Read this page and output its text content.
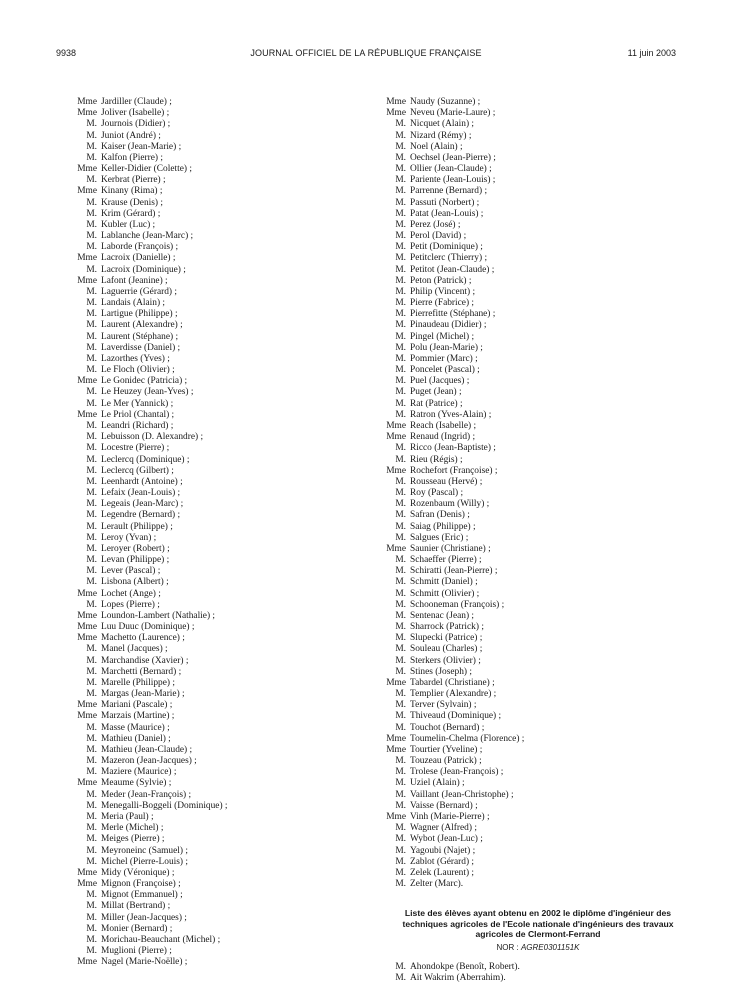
9938	JOURNAL OFFICIEL DE LA RÉPUBLIQUE FRANÇAISE	11 juin 2003
Mme Jardiller (Claude) ;
Mme Joliver (Isabelle) ;
M. Journois (Didier) ;
M. Juniot (André) ;
M. Kaiser (Jean-Marie) ;
M. Kalfon (Pierre) ;
Mme Keller-Didier (Colette) ;
M. Kerbrat (Pierre) ;
Mme Kinany (Rima) ;
M. Krause (Denis) ;
M. Krim (Gérard) ;
M. Kubler (Luc) ;
M. Lablanche (Jean-Marc) ;
M. Laborde (François) ;
Mme Lacroix (Danielle) ;
M. Lacroix (Dominique) ;
Mme Lafont (Jeanine) ;
M. Laguerrie (Gérard) ;
M. Landais (Alain) ;
M. Lartigue (Philippe) ;
M. Laurent (Alexandre) ;
M. Laurent (Stéphane) ;
M. Laverdisse (Daniel) ;
M. Lazorthes (Yves) ;
M. Le Floch (Olivier) ;
Mme Le Gonidec (Patricia) ;
M. Le Heuzey (Jean-Yves) ;
M. Le Mer (Yannick) ;
Mme Le Priol (Chantal) ;
M. Leandri (Richard) ;
M. Lebuisson (D. Alexandre) ;
M. Locestre (Pierre) ;
M. Leclercq (Dominique) ;
M. Leclercq (Gilbert) ;
M. Leenhardt (Antoine) ;
M. Lefaix (Jean-Louis) ;
M. Legeais (Jean-Marc) ;
M. Legendre (Bernard) ;
M. Lerault (Philippe) ;
M. Leroy (Yvan) ;
M. Leroyer (Robert) ;
M. Levan (Philippe) ;
M. Lever (Pascal) ;
M. Lisbona (Albert) ;
Mme Lochet (Ange) ;
M. Lopes (Pierre) ;
Mme Loundon-Lambert (Nathalie) ;
Mme Luu Duuc (Dominique) ;
Mme Machetto (Laurence) ;
M. Manel (Jacques) ;
M. Marchandise (Xavier) ;
M. Marchetti (Bernard) ;
M. Marelle (Philippe) ;
M. Margas (Jean-Marie) ;
Mme Mariani (Pascale) ;
Mme Marzais (Martine) ;
M. Masse (Maurice) ;
M. Mathieu (Daniel) ;
M. Mathieu (Jean-Claude) ;
M. Mazeron (Jean-Jacques) ;
M. Maziere (Maurice) ;
Mme Meaume (Sylvie) ;
M. Meder (Jean-François) ;
M. Menegalli-Boggeli (Dominique) ;
M. Meria (Paul) ;
M. Merle (Michel) ;
M. Meiges (Pierre) ;
M. Meyroneinc (Samuel) ;
M. Michel (Pierre-Louis) ;
Mme Midy (Véronique) ;
Mme Mignon (Françoise) ;
M. Mignot (Emmanuel) ;
M. Millat (Bertrand) ;
M. Miller (Jean-Jacques) ;
M. Monier (Bernard) ;
M. Morichau-Beauchant (Michel) ;
M. Muglioni (Pierre) ;
Mme Nagel (Marie-Noëlle) ;
Mme Naudy (Suzanne) ;
Mme Neveu (Marie-Laure) ;
M. Nicquet (Alain) ;
M. Nizard (Rémy) ;
M. Noel (Alain) ;
M. Oechsel (Jean-Pierre) ;
M. Ollier (Jean-Claude) ;
M. Pariente (Jean-Louis) ;
M. Parrenne (Bernard) ;
M. Passuti (Norbert) ;
M. Patat (Jean-Louis) ;
M. Perez (José) ;
M. Perol (David) ;
M. Petit (Dominique) ;
M. Petitclerc (Thierry) ;
M. Petitot (Jean-Claude) ;
M. Peton (Patrick) ;
M. Philip (Vincent) ;
M. Pierre (Fabrice) ;
M. Pierrefitte (Stéphane) ;
M. Pinaudeau (Didier) ;
M. Pingel (Michel) ;
M. Polu (Jean-Marie) ;
M. Pommier (Marc) ;
M. Poncelet (Pascal) ;
M. Puel (Jacques) ;
M. Puget (Jean) ;
M. Rat (Patrice) ;
M. Ratron (Yves-Alain) ;
Mme Reach (Isabelle) ;
Mme Renaud (Ingrid) ;
M. Ricco (Jean-Baptiste) ;
M. Rieu (Régis) ;
Mme Rochefort (Françoise) ;
M. Rousseau (Hervé) ;
M. Roy (Pascal) ;
M. Rozenbaum (Willy) ;
M. Safran (Denis) ;
M. Saiag (Philippe) ;
M. Salgues (Eric) ;
Mme Saunier (Christiane) ;
M. Schaeffer (Pierre) ;
M. Schiratti (Jean-Pierre) ;
M. Schmitt (Daniel) ;
M. Schmitt (Olivier) ;
M. Schooneman (François) ;
M. Sentenac (Jean) ;
M. Sharrock (Patrick) ;
M. Slupecki (Patrice) ;
M. Souleau (Charles) ;
M. Sterkers (Olivier) ;
M. Stines (Joseph) ;
Mme Tabardel (Christiane) ;
M. Templier (Alexandre) ;
M. Terver (Sylvain) ;
M. Thiveaud (Dominique) ;
M. Touchot (Bernard) ;
Mme Toumelin-Chelma (Florence) ;
Mme Tourtier (Yveline) ;
M. Touzeau (Patrick) ;
M. Trolese (Jean-François) ;
M. Uziel (Alain) ;
M. Vaillant (Jean-Christophe) ;
M. Vaisse (Bernard) ;
Mme Vinh (Marie-Pierre) ;
M. Wagner (Alfred) ;
M. Wybot (Jean-Luc) ;
M. Yagoubi (Najet) ;
M. Zablot (Gérard) ;
M. Zelek (Laurent) ;
M. Zelter (Marc).
Liste des élèves ayant obtenu en 2002 le diplôme d'ingénieur des techniques agricoles de l'Ecole nationale d'ingénieurs des travaux agricoles de Clermont-Ferrand
NOR : AGRE0301151K
M. Ahondokpe (Benoît, Robert).
M. Ait Wakrim (Aberrahim).
